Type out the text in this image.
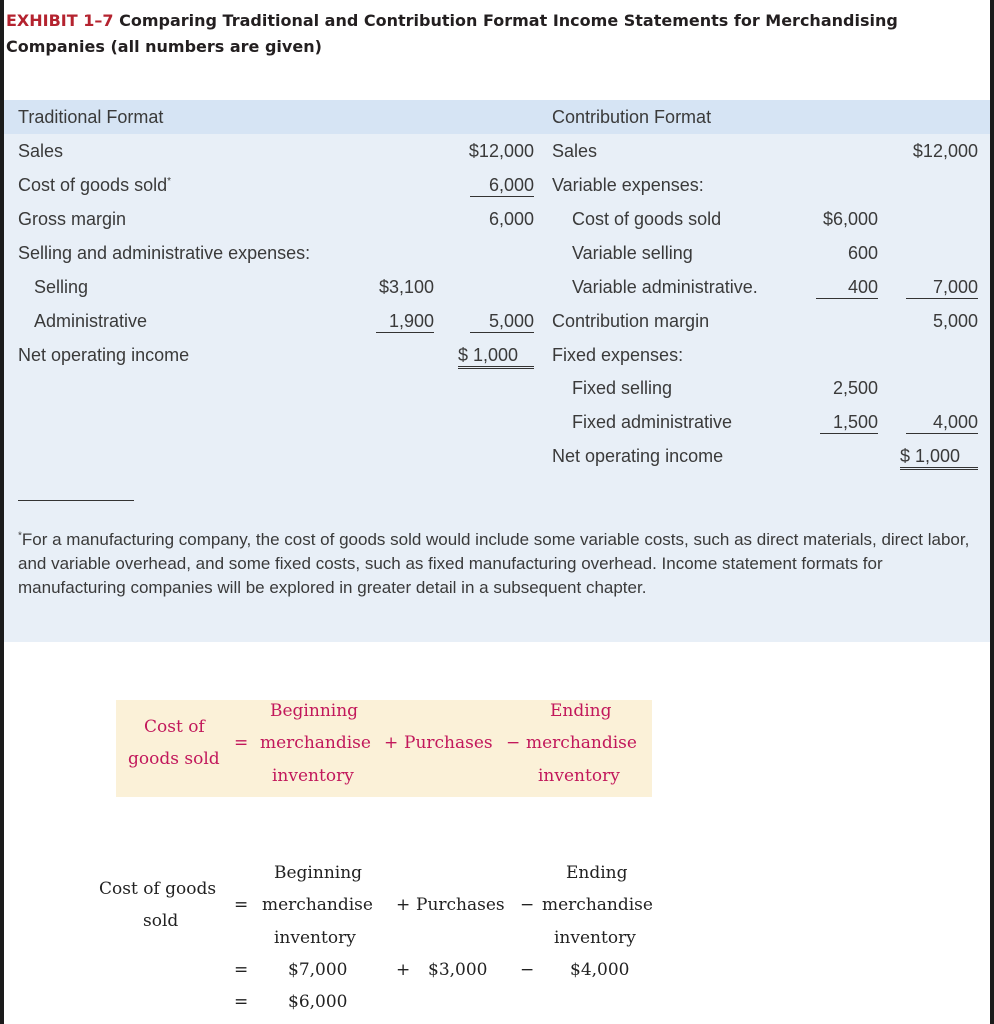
EXHIBIT 1–7 Comparing Traditional and Contribution Format Income Statements for Merchandising Companies (all numbers are given)
Traditional Format
Sales	$12,000
Cost of goods sold*	6,000
Gross margin	6,000
Selling and administrative expenses:
Selling	$3,100
Administrative	1,900	5,000
Net operating income	$ 1,000
Contribution Format
Sales	$12,000
Variable expenses:
Cost of goods sold	$6,000
Variable selling	600
Variable administrative.	400	7,000
Contribution margin	5,000
Fixed expenses:
Fixed selling	2,500
Fixed administrative	1,500	4,000
Net operating income	$ 1,000
*For a manufacturing company, the cost of goods sold would include some variable costs, such as direct materials, direct labor, and variable overhead, and some fixed costs, such as fixed manufacturing overhead. Income statement formats for manufacturing companies will be explored in greater detail in a subsequent chapter.
Cost of
goods sold
=
Beginning
merchandise
inventory
+ Purchases −
Ending
merchandise
inventory
Cost of goods
sold
=
Beginning
merchandise
inventory
+ Purchases −
Ending
merchandise
inventory
= $7,000	+ $3,000 − $4,000
= $6,000
